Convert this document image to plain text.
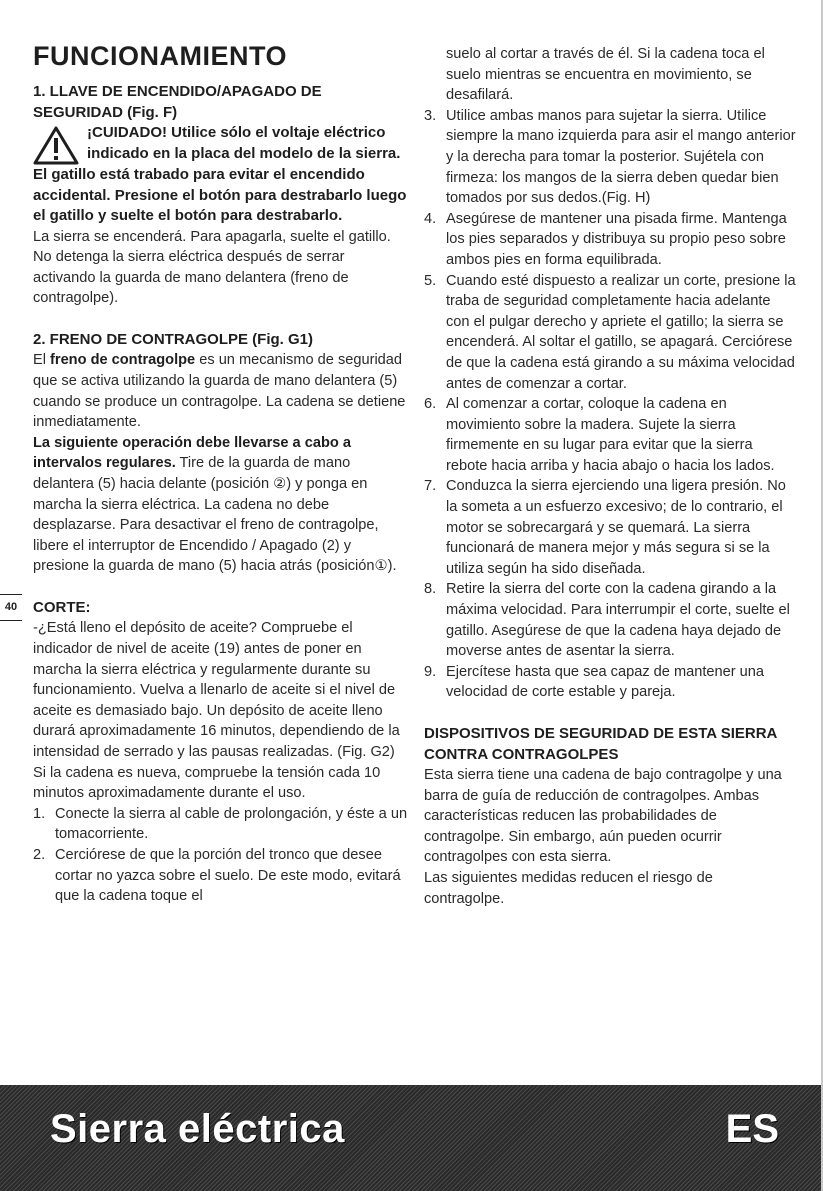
FUNCIONAMIENTO

1. LLAVE DE ENCENDIDO/APAGADO DE SEGURIDAD (Fig. F)

¡CUIDADO! Utilice sólo el voltaje eléctrico indicado en la placa del modelo de la sierra.

El gatillo está trabado para evitar el encendido accidental. Presione el botón para destrabarlo luego el gatillo y suelte el botón para destrabarlo.

La sierra se encenderá. Para apagarla, suelte el gatillo.

No detenga la sierra eléctrica después de serrar activando la guarda de mano delantera (freno de contragolpe).

2. FRENO DE CONTRAGOLPE (Fig. G1)

El freno de contragolpe es un mecanismo de seguridad que se activa utilizando la guarda de mano delantera (5) cuando se produce un contragolpe. La cadena se detiene inmediatamente.

La siguiente operación debe llevarse a cabo a intervalos regulares. Tire de la guarda de mano delantera (5) hacia delante (posición ②) y ponga en marcha la sierra eléctrica. La cadena no debe desplazarse. Para desactivar el freno de contragolpe, libere el interruptor de Encendido / Apagado (2) y presione la guarda de mano (5) hacia atrás (posición①).

CORTE:

-¿Está lleno el depósito de aceite? Compruebe el indicador de nivel de aceite (19) antes de poner en marcha la sierra eléctrica y regularmente durante su funcionamiento. Vuelva a llenarlo de aceite si el nivel de aceite es demasiado bajo. Un depósito de aceite lleno durará aproximadamente 16 minutos, dependiendo de la intensidad de serrado y las pausas realizadas. (Fig. G2)

Si la cadena es nueva, compruebe la tensión cada 10 minutos aproximadamente durante el uso.

1. Conecte la sierra al cable de prolongación, y éste a un tomacorriente.
2. Cerciórese de que la porción del tronco que desee cortar no yazca sobre el suelo. De este modo, evitará que la cadena toque el

suelo al cortar a través de él. Si la cadena toca el suelo mientras se encuentra en movimiento, se desafilará.

3. Utilice ambas manos para sujetar la sierra. Utilice siempre la mano izquierda para asir el mango anterior y la derecha para tomar la posterior. Sujétela con firmeza: los mangos de la sierra deben quedar bien tomados por sus dedos.(Fig. H)
4. Asegúrese de mantener una pisada firme. Mantenga los pies separados y distribuya su propio peso sobre ambos pies en forma equilibrada.
5. Cuando esté dispuesto a realizar un corte, presione la traba de seguridad completamente hacia adelante con el pulgar derecho y apriete el gatillo; la sierra se encenderá. Al soltar el gatillo, se apagará. Cerciórese de que la cadena está girando a su máxima velocidad antes de comenzar a cortar.
6. Al comenzar a cortar, coloque la cadena en movimiento sobre la madera. Sujete la sierra firmemente en su lugar para evitar que la sierra rebote hacia arriba y hacia abajo o hacia los lados.
7. Conduzca la sierra ejerciendo una ligera presión. No la someta a un esfuerzo excesivo; de lo contrario, el motor se sobrecargará y se quemará. La sierra funcionará de manera mejor y más segura si se la utiliza según ha sido diseñada.
8. Retire la sierra del corte con la cadena girando a la máxima velocidad. Para interrumpir el corte, suelte el gatillo. Asegúrese de que la cadena haya dejado de moverse antes de asentar la sierra.
9. Ejercítese hasta que sea capaz de mantener una velocidad de corte estable y pareja.

DISPOSITIVOS DE SEGURIDAD DE ESTA SIERRA CONTRA CONTRAGOLPES

Esta sierra tiene una cadena de bajo contragolpe y una barra de guía de reducción de contragolpes. Ambas características reducen las probabilidades de contragolpe. Sin embargo, aún pueden ocurrir contragolpes con esta sierra.

Las siguientes medidas reducen el riesgo de contragolpe.

40
Sierra eléctrica	ES
